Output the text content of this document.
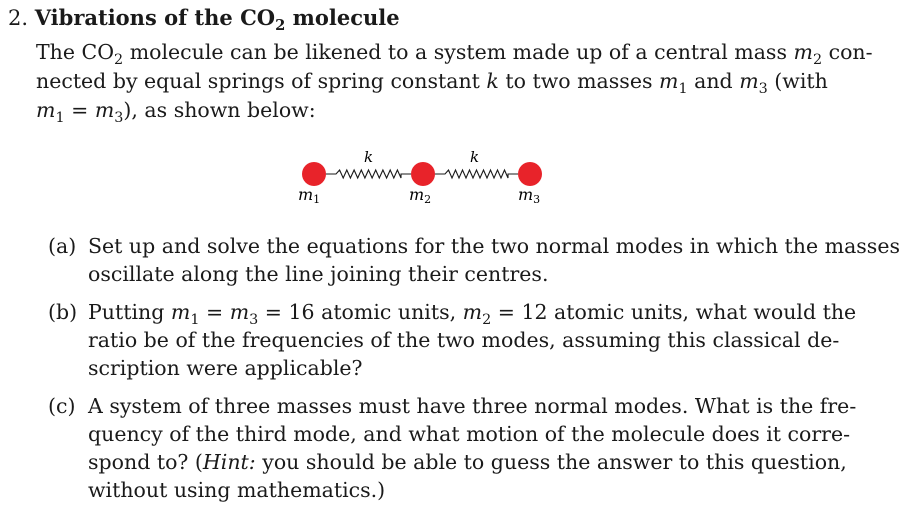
2. Vibrations of the $CO_2$ molecule
The $CO_2$ molecule can be likened to a system made up of a central mass $m_2$ con-
nected by equal springs of spring constant k to two masses $m_1$ and $m_3$ (with
$m_1 = m_3$), as shown below:
k	k
m1	m2	m3
(a) Set up and solve the equations for the two normal modes in which the masses
oscillate along the line joining their centres.
(b) Putting $m_1 = m_3 = 16$ atomic units, $m_2 = 12$ atomic units, what would the
ratio be of the frequencies of the two modes, assuming this classical de-
scription were applicable?
(c) A system of three masses must have three normal modes. What is the fre-
quency of the third mode, and what motion of the molecule does it corre-
spond to? (Hint: you should be able to guess the answer to this question,
without using mathematics.)
